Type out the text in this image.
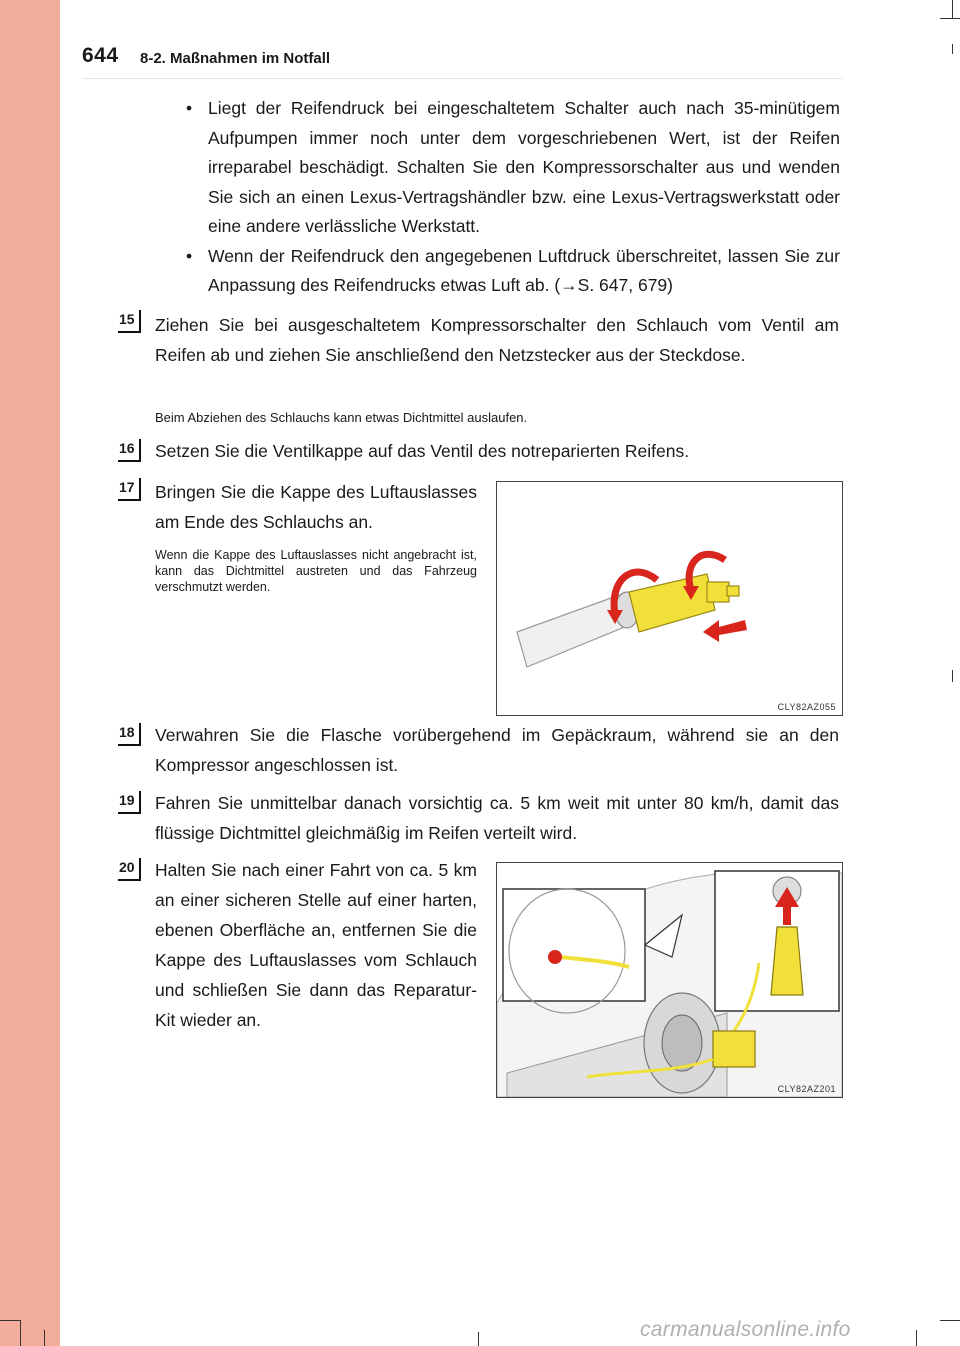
644 8-2. Maßnahmen im Notfall
• Liegt der Reifendruck bei eingeschaltetem Schalter auch nach 35-minütigem Aufpumpen immer noch unter dem vorgeschriebenen Wert, ist der Reifen irreparabel beschädigt. Schalten Sie den Kompressorschalter aus und wenden Sie sich an einen Lexus-Vertragshändler bzw. eine Lexus-Vertragswerkstatt oder eine andere verlässliche Werkstatt.
• Wenn der Reifendruck den angegebenen Luftdruck überschreitet, lassen Sie zur Anpassung des Reifendrucks etwas Luft ab. (→S. 647, 679)
15	Ziehen Sie bei ausgeschaltetem Kompressorschalter den Schlauch vom Ventil am Reifen ab und ziehen Sie anschließend den Netzstecker aus der Steckdose.
Beim Abziehen des Schlauchs kann etwas Dichtmittel auslaufen.
16	Setzen Sie die Ventilkappe auf das Ventil des notreparierten Reifens.
17	Bringen Sie die Kappe des Luftauslasses am Ende des Schlauchs an.
Wenn die Kappe des Luftauslasses nicht angebracht ist, kann das Dichtmittel austreten und das Fahrzeug verschmutzt werden.
CLY82AZ055
18	Verwahren Sie die Flasche vorübergehend im Gepäckraum, während sie an den Kompressor angeschlossen ist.
19	Fahren Sie unmittelbar danach vorsichtig ca. 5 km weit mit unter 80 km/h, damit das flüssige Dichtmittel gleichmäßig im Reifen verteilt wird.
20	Halten Sie nach einer Fahrt von ca. 5 km an einer sicheren Stelle auf einer harten, ebenen Oberfläche an, entfernen Sie die Kappe des Luftauslasses vom Schlauch und schließen Sie dann das Reparatur-Kit wieder an.
CLY82AZ201
carmanualsonline.info
